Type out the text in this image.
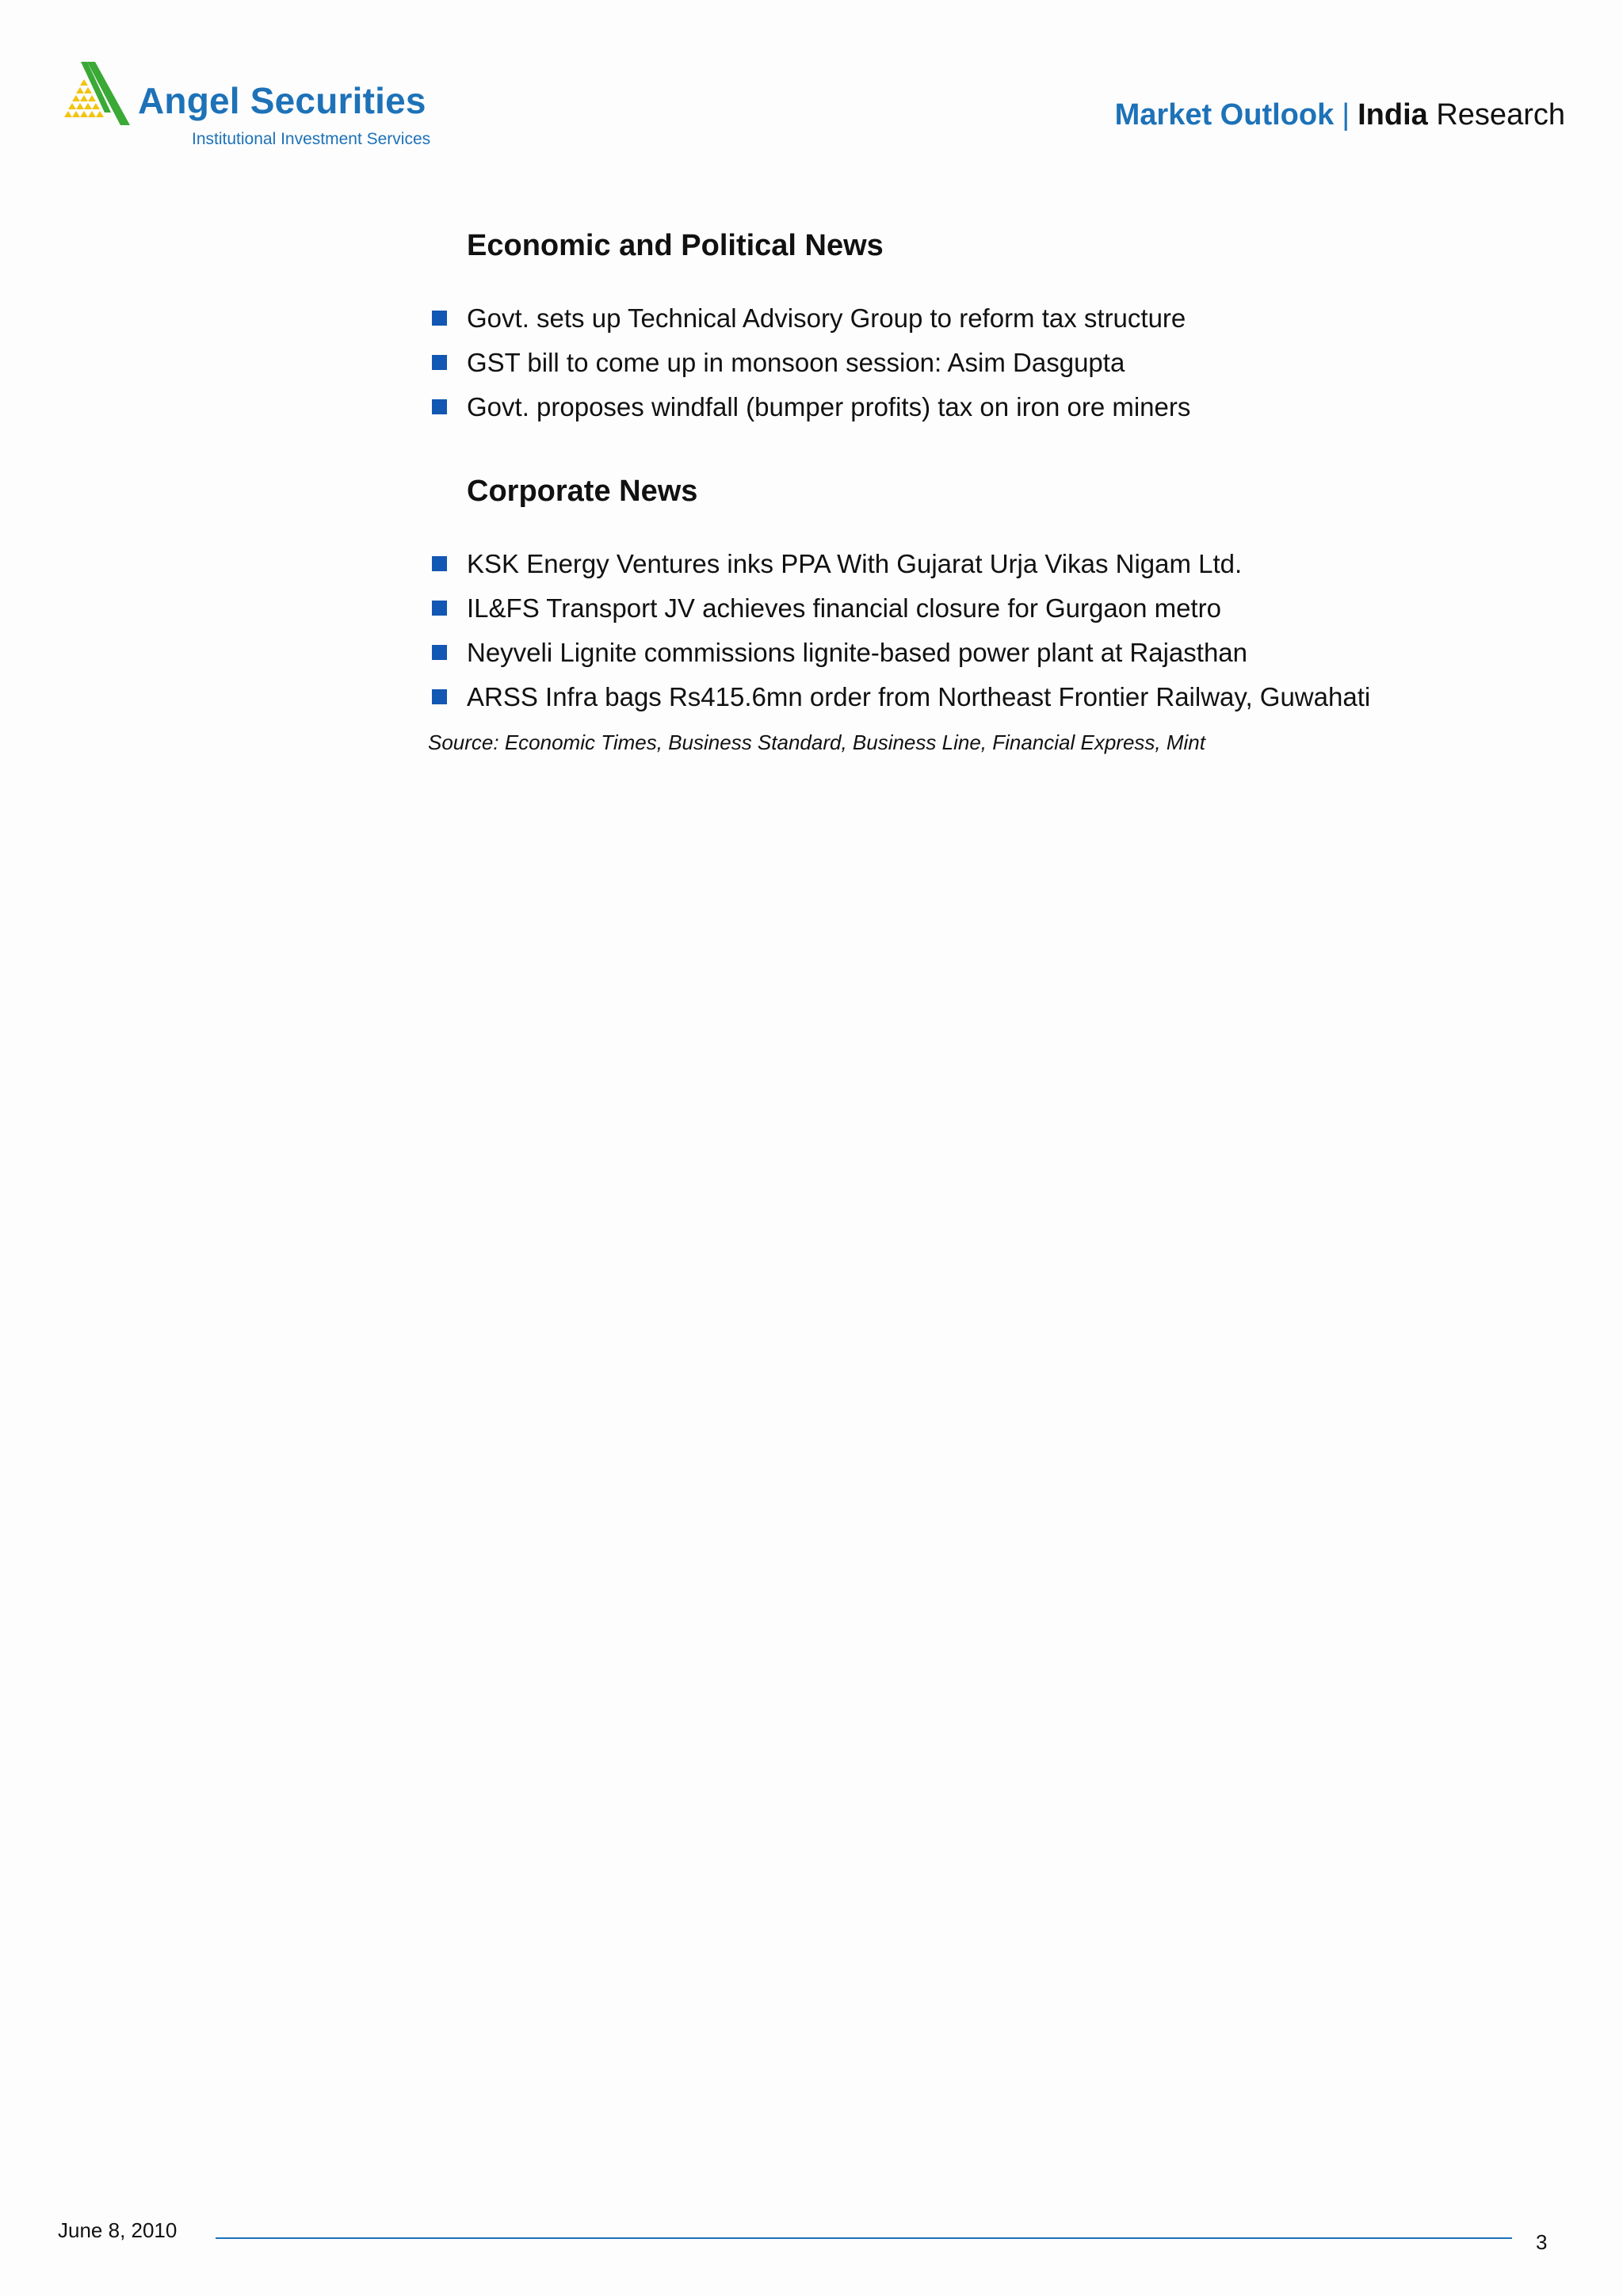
Angel Securities
Institutional Investment Services
Market Outlook | India Research
Economic and Political News
Govt. sets up Technical Advisory Group to reform tax structure
GST bill to come up in monsoon session: Asim Dasgupta
Govt. proposes windfall (bumper profits) tax on iron ore miners
Corporate News
KSK Energy Ventures inks PPA With Gujarat Urja Vikas Nigam Ltd.
IL&FS Transport JV achieves financial closure for Gurgaon metro
Neyveli Lignite commissions lignite-based power plant at Rajasthan
ARSS Infra bags Rs415.6mn order from Northeast Frontier Railway, Guwahati
Source: Economic Times, Business Standard, Business Line, Financial Express, Mint
June 8, 2010	3
